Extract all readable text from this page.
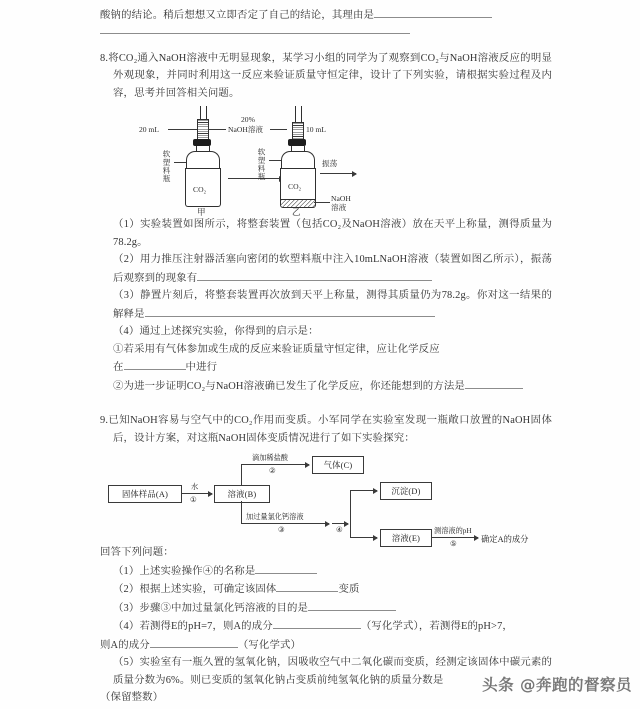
酸钠的结论。稍后想想又立即否定了自己的结论，其理由是
8.将CO₂通入NaOH溶液中无明显现象，某学习小组的同学为了观察到CO₂与NaOH溶液反应的明显外观现象，并同时利用这一反应来验证质量守恒定律，设计了下列实验，请根据实验过程及内容，思考并回答相关问题。
CO₂
20 mL
软塑料瓶
甲
20%
NaOH溶液
CO₂
10 mL
软塑料瓶	振荡
NaOH
溶液
乙
（1）实验装置如图所示，将整套装置（包括CO₂及NaOH溶液）放在天平上称量，测得质量为78.2g。
（2）用力推压注射器活塞向密闭的软塑料瓶中注入10mLNaOH溶液（装置如图乙所示），振荡后观察到的现象有
（3）静置片刻后，将整套装置再次放到天平上称量，测得其质量仍为78.2g。你对这一结果的解释是
（4）通过上述探究实验，你得到的启示是：
①若采用有气体参加或生成的反应来验证质量守恒定律，应让化学反应
在	中进行
②为进一步证明CO₂与NaOH溶液确已发生了化学反应，你还能想到的方法是
9.已知NaOH容易与空气中的CO₂作用而变质。小军同学在实验室发现一瓶敞口放置的NaOH固体后，设计方案，对这瓶NaOH固体变质情况进行了如下实验探究：
固体样品(A)
水
①
溶液(B)
滴加稀盐酸
②
气体(C)
加过量氯化钙溶液
③	④
沉淀(D)
溶液(E)
测溶液的pH
⑤	确定A的成分
回答下列问题：
（1）上述实验操作④的名称是
（2）根据上述实验，可确定该固体	变质
（3）步骤③中加过量氯化钙溶液的目的是
（4）若测得E的pH=7，则A的成分	（写化学式），若测得E的pH>7，
则A的成分	（写化学式）
（5）实验室有一瓶久置的氢氧化钠，因吸收空气中二氧化碳而变质，经测定该固体中碳元素的质量分数为6%。则已变质的氢氧化钠占变质前纯氢氧化钠的质量分数是
（保留整数）
头条 @奔跑的督察员
